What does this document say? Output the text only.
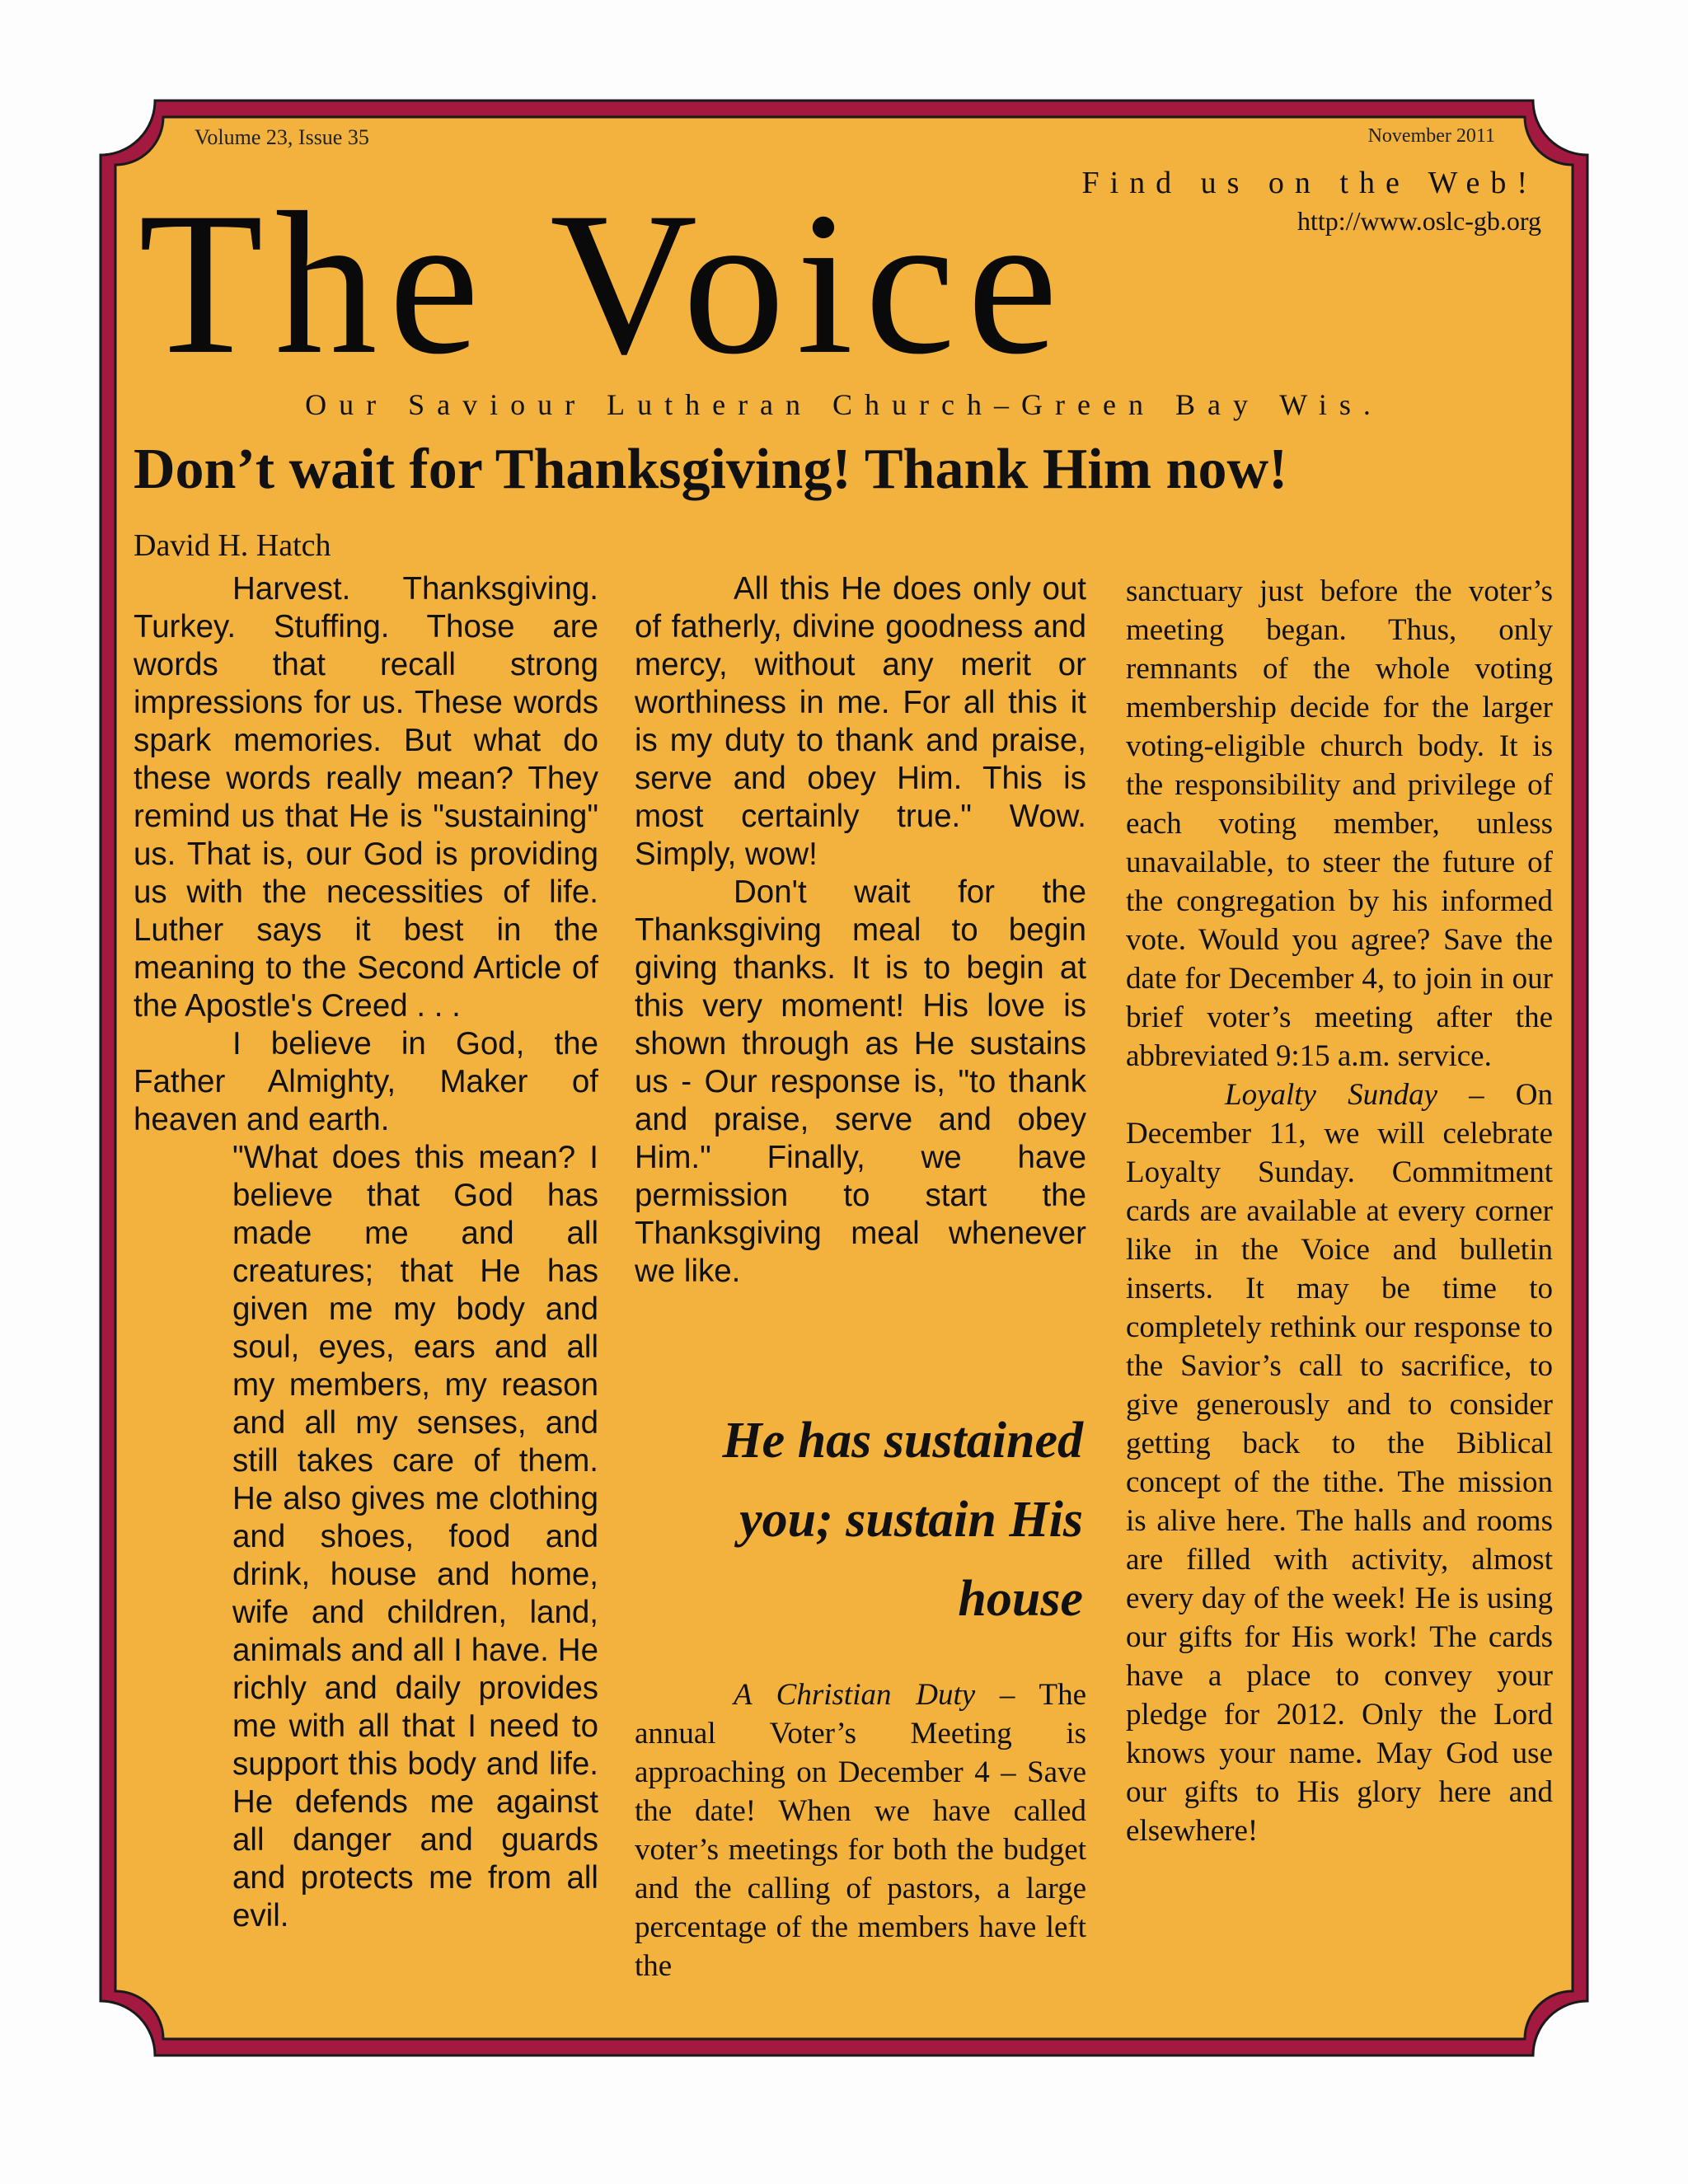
Volume 23, Issue 35	November 2011
Find us on the Web!
http://www.oslc-gb.org
The Voice
Our Saviour Lutheran Church–Green Bay Wis.
Don’t wait for Thanksgiving! Thank Him now!
David H. Hatch

Harvest. Thanksgiving. Turkey. Stuffing. Those are words that recall strong impressions for us. These words spark memories. But what do these words really mean? They remind us that He is "sustaining" us. That is, our God is providing us with the necessities of life. Luther says it best in the meaning to the Second Article of the Apostle's Creed . . .

I believe in God, the Father Almighty, Maker of heaven and earth.

"What does this mean? I believe that God has made me and all creatures; that He has given me my body and soul, eyes, ears and all my members, my reason and all my senses, and still takes care of them. He also gives me clothing and shoes, food and drink, house and home, wife and children, land, animals and all I have. He richly and daily provides me with all that I need to support this body and life. He defends me against all danger and guards and protects me from all evil.

All this He does only out of fatherly, divine goodness and mercy, without any merit or worthiness in me. For all this it is my duty to thank and praise, serve and obey Him. This is most certainly true." Wow. Simply, wow!

Don't wait for the Thanksgiving meal to begin giving thanks. It is to begin at this very moment! His love is shown through as He sustains us - Our response is, "to thank and praise, serve and obey Him." Finally, we have permission to start the Thanksgiving meal whenever we like.

He has sustained
you; sustain His
house

A Christian Duty – The annual Voter’s Meeting is approaching on December 4 – Save the date! When we have called voter’s meetings for both the budget and the calling of pastors, a large percentage of the members have left the

sanctuary just before the voter’s meeting began. Thus, only remnants of the whole voting membership decide for the larger voting-eligible church body. It is the responsibility and privilege of each voting member, unless unavailable, to steer the future of the congregation by his informed vote. Would you agree? Save the date for December 4, to join in our brief voter’s meeting after the abbreviated 9:15 a.m. service.

Loyalty Sunday – On December 11, we will celebrate Loyalty Sunday. Commitment cards are available at every corner like in the Voice and bulletin inserts. It may be time to completely rethink our response to the Savior’s call to sacrifice, to give generously and to consider getting back to the Biblical concept of the tithe. The mission is alive here. The halls and rooms are filled with activity, almost every day of the week! He is using our gifts for His work! The cards have a place to convey your pledge for 2012. Only the Lord knows your name. May God use our gifts to His glory here and elsewhere!
